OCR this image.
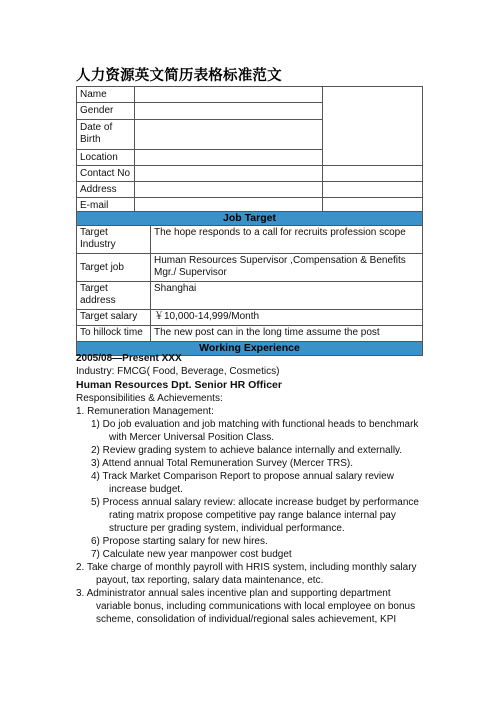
人力资源英文简历表格标准范文
Name		
Gender		

Date of
Birth		

Location		
Contact No		
Address		
E-mail		
Job Target	

Target
Industry	The hope responds to a call for recruits profession scope
Target job	Human Resources Supervisor ,Compensation & Benefits
Mgr./ Supervisor

Target
address	Shanghai
Target salary	￥10,000-14,999/Month
To hillock time	The new post can in the long time assume the post
Working Experience	
2005/08—Present XXX
Industry: FMCG( Food, Beverage, Cosmetics)
Human Resources Dpt. Senior HR Officer
Responsibilities & Achievements:
1. Remuneration Management:
1) Do job evaluation and job matching with functional heads to benchmark
with Mercer Universal Position Class.
2) Review grading system to achieve balance internally and externally.
3) Attend annual Total Remuneration Survey (Mercer TRS).
4) Track Market Comparison Report to propose annual salary review
increase budget.
5) Process annual salary review: allocate increase budget by performance
rating matrix propose competitive pay range balance internal pay
structure per grading system, individual performance.
6) Propose starting salary for new hires.
7) Calculate new year manpower cost budget
2. Take charge of monthly payroll with HRIS system, including monthly salary
payout, tax reporting, salary data maintenance, etc.
3. Administrator annual sales incentive plan and supporting department
variable bonus, including communications with local employee on bonus
scheme, consolidation of individual/regional sales achievement, KPI
